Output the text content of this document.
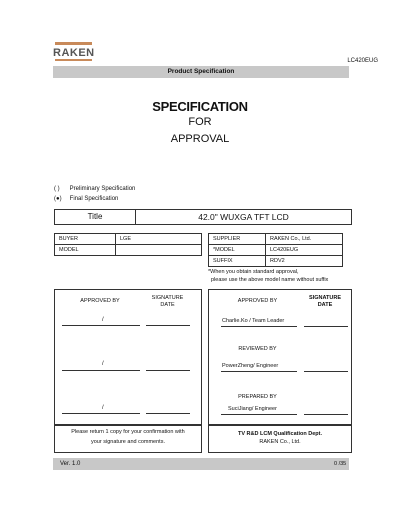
RAKEN
LC420EUG
Product Specification
SPECIFICATION
FOR
APPROVAL
( ) Preliminary Specification
(●) Final Specification
Title	42.0" WUXGA TFT LCD
BUYER	LGE
MODEL	
SUPPLIER	RAKEN Co., Ltd.
*MODEL	LC420EUG
SUFFIX	RDV2
*When you obtain standard approval,
please use the above model name without suffix
APPROVED BY	SIGNATURE
DATE
/
/
/
Please return 1 copy for your confirmation with
your signature and comments.
APPROVED BY	SIGNATURE
DATE
Charlie.Ko / Team Leader
REVIEWED BY
PowerZheng/ Engineer
PREPARED BY
SuciJiang/ Engineer
TV R&D LCM Qualification Dept.
RAKEN Co., Ltd.
Ver. 1.0	0 /35
